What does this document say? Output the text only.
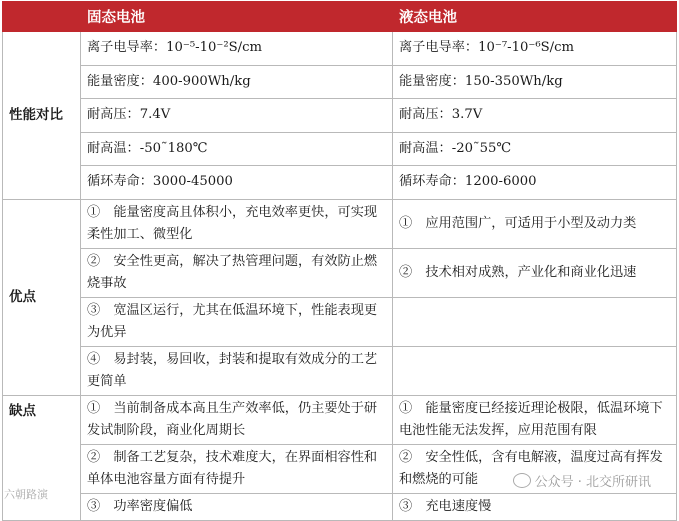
	固态电池	液态电池
性能对比	离子电导率：10⁻⁵-10⁻²S/cm	离子电导率：10⁻⁷-10⁻⁶S/cm
	能量密度：400-900Wh/kg	能量密度：150-350Wh/kg
	耐高压：7.4V	耐高压：3.7V
	耐高温：-50˜180℃	耐高温：-20˜55℃
	循环寿命：3000-45000	循环寿命：1200-6000
优点	①　能量密度高且体积小，充电效率更快，可实现柔性加工、微型化	①　应用范围广，可适用于小型及动力类
	②　安全性更高，解决了热管理问题，有效防止燃烧事故	②　技术相对成熟，产业化和商业化迅速
	③　宽温区运行，尤其在低温环境下，性能表现更为优异	
	④　易封装，易回收，封装和提取有效成分的工艺更简单	
缺点	①　当前制备成本高且生产效率低，仍主要处于研发试制阶段，商业化周期长	①　能量密度已经接近理论极限，低温环境下电池性能无法发挥，应用范围有限
	②　制备工艺复杂，技术难度大，在界面相容性和单体电池容量方面有待提升	②　安全性低，含有电解液，温度过高有挥发和燃烧的可能
	③　功率密度偏低	③　充电速度慢
公众号 · 北交所研讯
六朝路演
